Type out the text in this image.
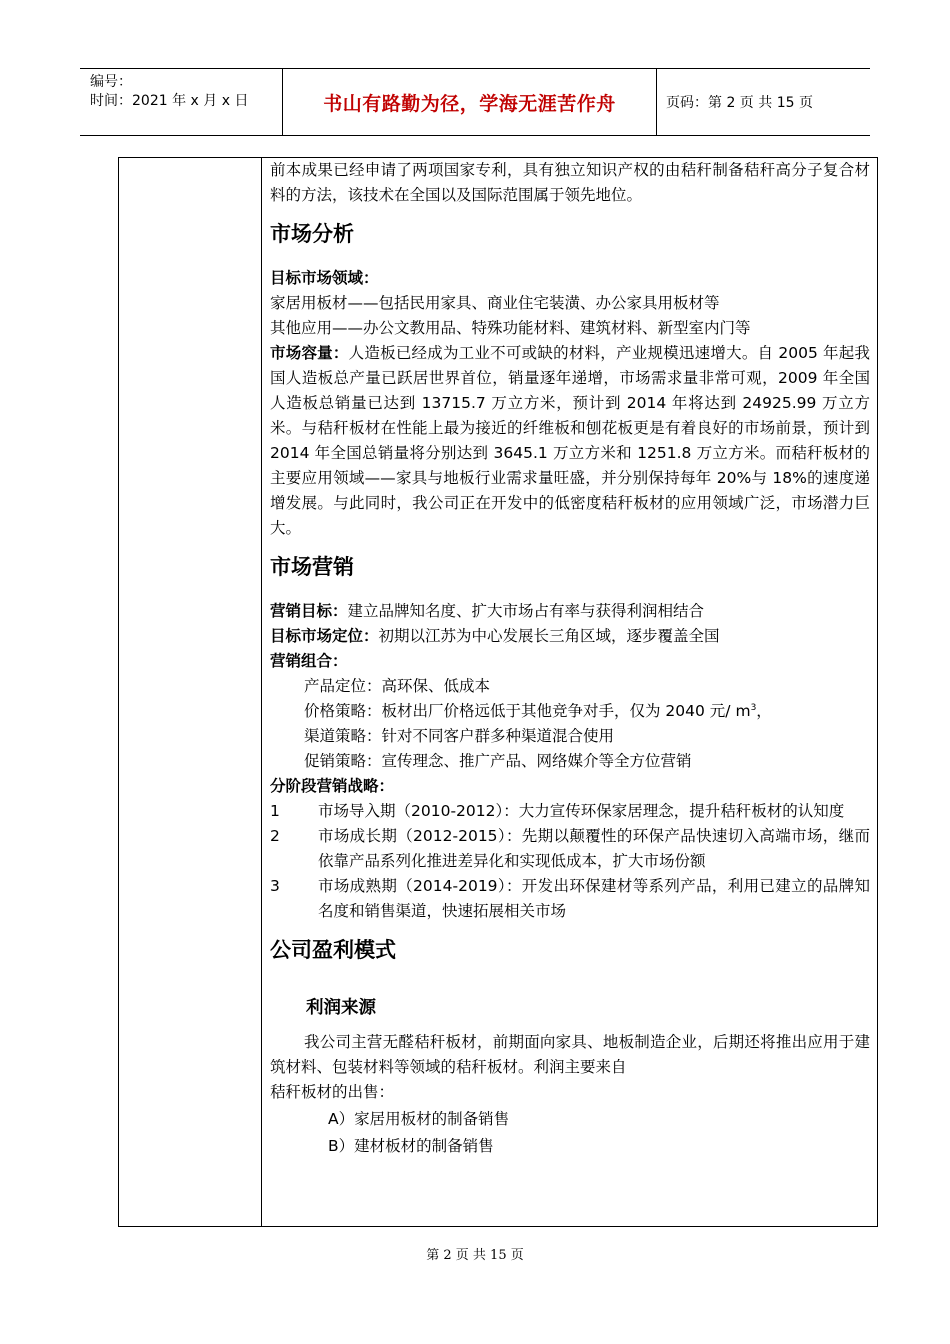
编号：
时间：2021 年 x 月 x 日	书山有路勤为径，学海无涯苦作舟	页码：第 2 页 共 15 页

前本成果已经申请了两项国家专利，具有独立知识产权的由秸秆制备秸秆高分子复合材料的方法，该技术在全国以及国际范围属于领先地位。

市场分析

目标市场领域：

家居用板材——包括民用家具、商业住宅装潢、办公家具用板材等

其他应用——办公文教用品、特殊功能材料、建筑材料、新型室内门等

市场容量：人造板已经成为工业不可或缺的材料，产业规模迅速增大。自 2005 年起我国人造板总产量已跃居世界首位，销量逐年递增，市场需求量非常可观，2009 年全国人造板总销量已达到 13715.7 万立方米，预计到 2014 年将达到 24925.99 万立方米。与秸秆板材在性能上最为接近的纤维板和刨花板更是有着良好的市场前景，预计到 2014 年全国总销量将分别达到 3645.1 万立方米和 1251.8 万立方米。而秸秆板材的主要应用领域——家具与地板行业需求量旺盛，并分别保持每年 20%与 18%的速度递增发展。与此同时，我公司正在开发中的低密度秸秆板材的应用领域广泛，市场潜力巨大。

市场营销

营销目标：建立品牌知名度、扩大市场占有率与获得利润相结合

目标市场定位：初期以江苏为中心发展长三角区域，逐步覆盖全国

营销组合：

产品定位：高环保、低成本

价格策略：板材出厂价格远低于其他竞争对手，仅为 2040 元/ $m^3$，

渠道策略：针对不同客户群多种渠道混合使用

促销策略：宣传理念、推广产品、网络媒介等全方位营销

分阶段营销战略：

1	市场导入期（2010-2012）：大力宣传环保家居理念，提升秸秆板材的认知度
2	市场成长期（2012-2015）：先期以颠覆性的环保产品快速切入高端市场，继而依靠产品系列化推进差异化和实现低成本，扩大市场份额
3	市场成熟期（2014-2019）：开发出环保建材等系列产品，利用已建立的品牌知名度和销售渠道，快速拓展相关市场
公司盈利模式
利润来源

我公司主营无醛秸秆板材，前期面向家具、地板制造企业，后期还将推出应用于建筑材料、包装材料等领域的秸秆板材。利润主要来自

秸秆板材的出售：

A）家居用板材的制备销售

B）建材板材的制备销售

第 2 页 共 15 页
